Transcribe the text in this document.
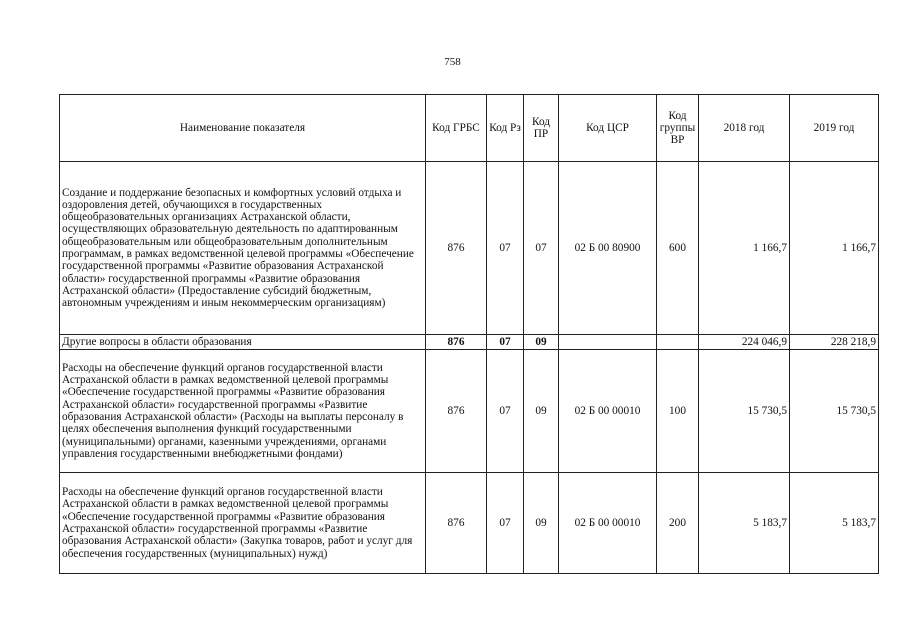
758
Наименование показателя	Код ГРБС	Код Рз	Код ПР	Код ЦСР	Код группы ВР	2018 год	2019 год
Создание и поддержание безопасных и комфортных условий отдыха и оздоровления детей, обучающихся в государственных общеобразовательных организациях Астраханской области, осуществляющих образовательную деятельность по адаптированным общеобразовательным или общеобразовательным дополнительным программам, в рамках ведомственной целевой программы «Обеспечение государственной программы «Развитие образования Астраханской области» государственной программы «Развитие образования Астраханской области» (Предоставление субсидий бюджетным, автономным учреждениям и иным некоммерческим организациям)	876	07	07	02 Б 00 80900	600	1 166,7	1 166,7
Другие вопросы в области образования	876	07	09			224 046,9	228 218,9
Расходы на обеспечение функций органов государственной власти Астраханской области в рамках ведомственной целевой программы «Обеспечение государственной программы «Развитие образования Астраханской области» государственной программы «Развитие образования Астраханской области» (Расходы на выплаты персоналу в целях обеспечения выполнения функций государственными (муниципальными) органами, казенными учреждениями, органами управления государственными внебюджетными фондами)	876	07	09	02 Б 00 00010	100	15 730,5	15 730,5
Расходы на обеспечение функций органов государственной власти Астраханской области в рамках ведомственной целевой программы «Обеспечение государственной программы «Развитие образования Астраханской области» государственной программы «Развитие образования Астраханской области» (Закупка товаров, работ и услуг для обеспечения государственных (муниципальных) нужд)	876	07	09	02 Б 00 00010	200	5 183,7	5 183,7
